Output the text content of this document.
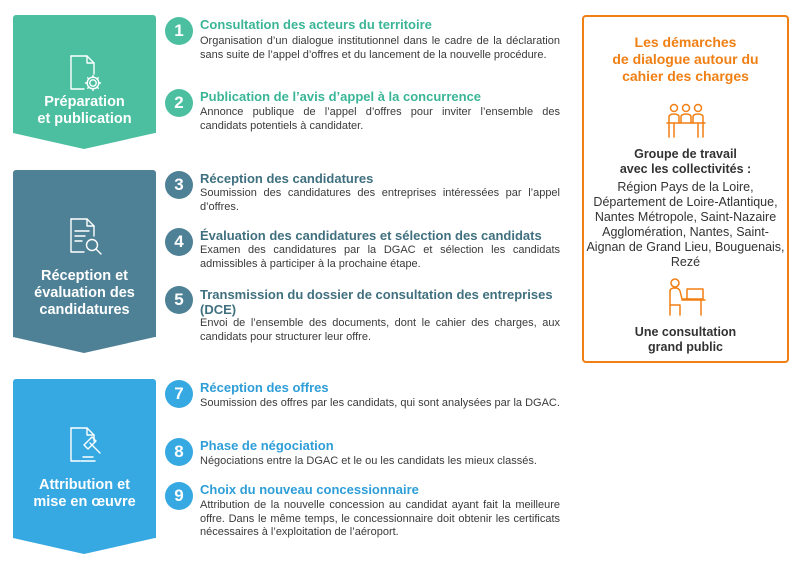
Préparation
et publication
Réception et
évaluation des
candidatures
Attribution et
mise en œuvre
1	Consultation des acteurs du territoire
Organisation d’un dialogue institutionnel dans le cadre de la déclaration sans suite de l’appel d’offres et du lancement de la nouvelle procédure.
2	Publication de l’avis d’appel à la concurrence
Annonce publique de l’appel d’offres pour inviter l’ensemble des candidats potentiels à candidater.
3	Réception des candidatures
Soumission des candidatures des entreprises intéressées par l’appel d’offres.
4	Évaluation des candidatures et sélection des candidats
Examen des candidatures par la DGAC et sélection les candidats admissibles à participer à la prochaine étape.
5	Transmission du dossier de consultation des entreprises (DCE)
Envoi de l’ensemble des documents, dont le cahier des charges, aux candidats pour structurer leur offre.
7	Réception des offres
Soumission des offres par les candidats, qui sont analysées par la DGAC.
8	Phase de négociation
Négociations entre la DGAC et le ou les candidats les mieux classés.
9	Choix du nouveau concessionnaire
Attribution de la nouvelle concession au candidat ayant fait la meilleure offre. Dans le même temps, le concessionnaire doit obtenir les certificats nécessaires à l’exploitation de l’aéroport.
Les démarches
de dialogue autour du
cahier des charges
Groupe de travail
avec les collectivités :
Région Pays de la Loire, Département de Loire-Atlantique, Nantes Métropole, Saint-Nazaire Agglomération, Nantes, Saint-Aignan de Grand Lieu, Bouguenais, Rezé
Une consultation
grand public
